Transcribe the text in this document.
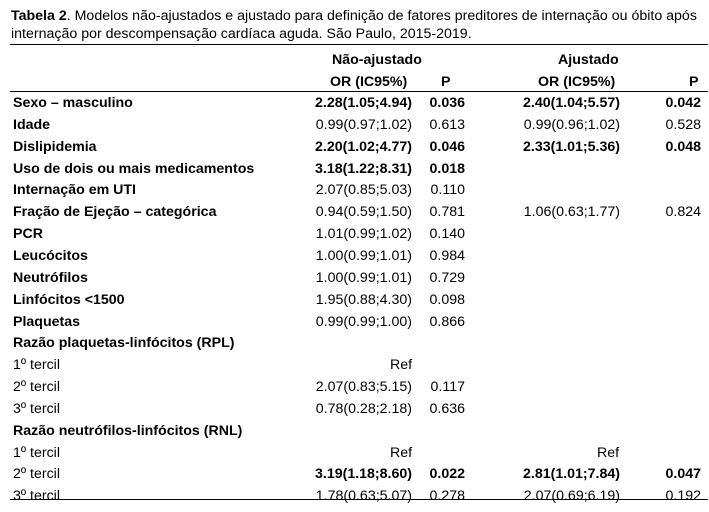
Tabela 2. Modelos não-ajustados e ajustado para definição de fatores preditores de internação ou óbito após internação por descompensação cardíaca aguda. São Paulo, 2015-2019.
Não-ajustado	Ajustado
OR (IC95%) P	OR (IC95%)	P
Sexo – masculino	2.28(1.05;4.94) 0.036	2.40(1.04;5.57)	0.042
Idade	0.99(0.97;1.02) 0.613	0.99(0.96;1.02)	0.528
Dislipidemia	2.20(1.02;4.77) 0.046	2.33(1.01;5.36)	0.048
Uso de dois ou mais medicamentos	3.18(1.22;8.31) 0.018
Internação em UTI	2.07(0.85;5.03) 0.110
Fração de Ejeção – categórica	0.94(0.59;1.50) 0.781	1.06(0.63;1.77)	0.824
PCR	1.01(0.99;1.02) 0.140
Leucócitos	1.00(0.99;1.01) 0.984
Neutrófilos	1.00(0.99;1.01) 0.729
Linfócitos <1500	1.95(0.88;4.30) 0.098
Plaquetas	0.99(0.99;1.00) 0.866
Razão plaquetas-linfócitos (RPL)
1º tercil	Ref
2º tercil	2.07(0.83;5.15) 0.117
3º tercil	0.78(0.28;2.18) 0.636
Razão neutrófilos-linfócitos (RNL)
1º tercil	Ref	Ref
2º tercil	3.19(1.18;8.60) 0.022	2.81(1.01;7.84)	0.047
3º tercil	1.78(0.63;5.07) 0.278	2.07(0.69;6.19)	0.192
